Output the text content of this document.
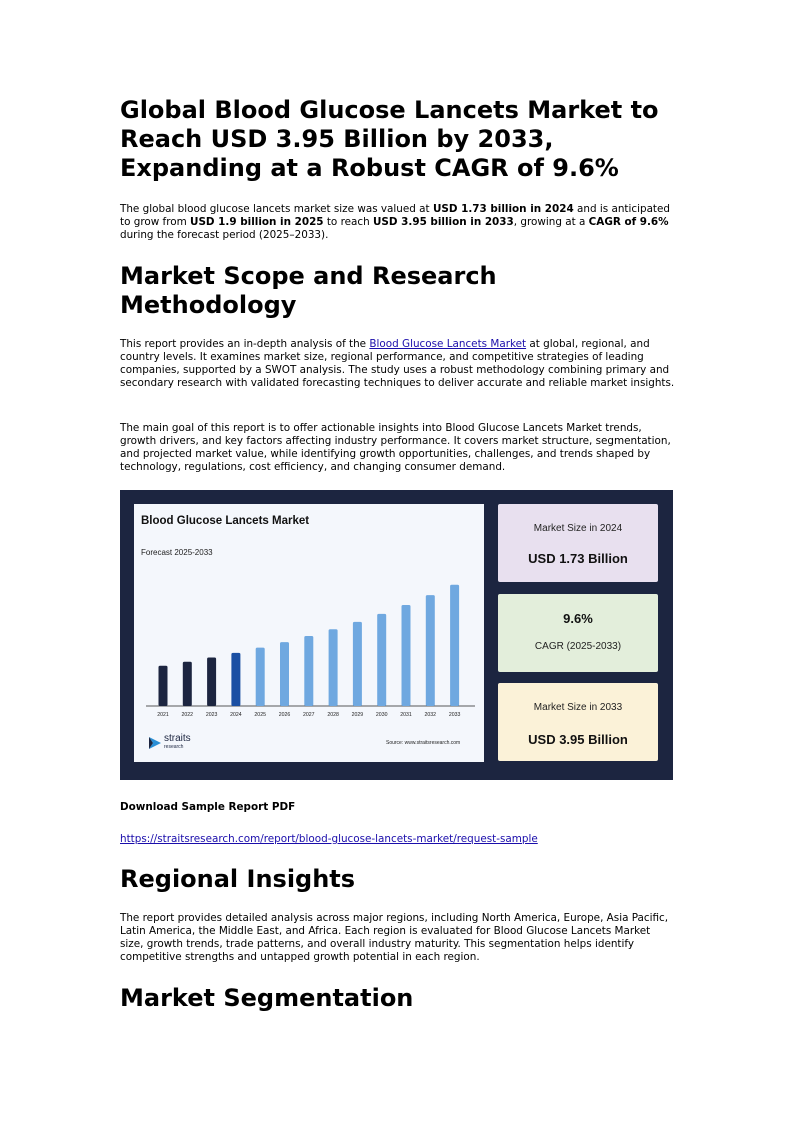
Global Blood Glucose Lancets Market to Reach USD 3.95 Billion by 2033, Expanding at a Robust CAGR of 9.6%

The global blood glucose lancets market size was valued at USD 1.73 billion in 2024 and is anticipated to grow from USD 1.9 billion in 2025 to reach USD 3.95 billion in 2033, growing at a CAGR of 9.6% during the forecast period (2025–2033).

Market Scope and Research Methodology

This report provides an in-depth analysis of the Blood Glucose Lancets Market at global, regional, and country levels. It examines market size, regional performance, and competitive strategies of leading companies, supported by a SWOT analysis. The study uses a robust methodology combining primary and secondary research with validated forecasting techniques to deliver accurate and reliable market insights.

The main goal of this report is to offer actionable insights into Blood Glucose Lancets Market trends, growth drivers, and key factors affecting industry performance. It covers market structure, segmentation, and projected market value, while identifying growth opportunities, challenges, and trends shaped by technology, regulations, cost efficiency, and changing consumer demand.

Download Sample Report PDF

https://straitsresearch.com/report/blood-glucose-lancets-market/request-sample

Regional Insights

The report provides detailed analysis across major regions, including North America, Europe, Asia Pacific, Latin America, the Middle East, and Africa. Each region is evaluated for Blood Glucose Lancets Market size, growth trends, trade patterns, and overall industry maturity. This segmentation helps identify competitive strengths and untapped growth potential in each region.

Market Segmentation
2021 2022 2023 2024 2025 2026 2027 2028 2029 2030 2031 2032 2033
Blood Glucose Lancets Market
Forecast 2025-2033
straits
research
Source: www.straitsresearch.com
Market Size in 2024
USD 1.73 Billion
9.6%
CAGR (2025-2033)
Market Size in 2033
USD 3.95 Billion
